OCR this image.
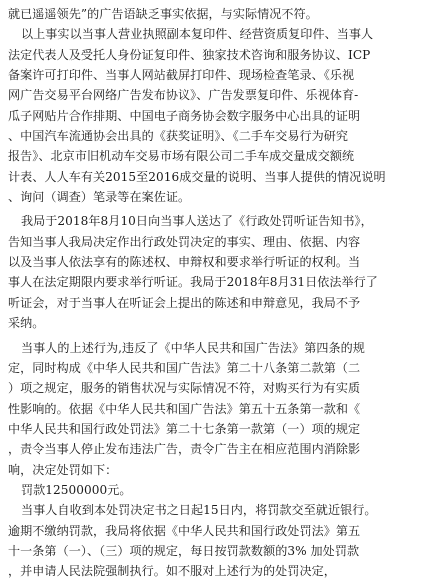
就已遥遥领先”的广告语缺乏事实依据，与实际情况不符。
以上事实以当事人营业执照副本复印件、经营资质复印件、当事人
法定代表人及受托人身份证复印件、独家技术咨询和服务协议、ICP
备案许可打印件、当事人网站截屏打印件、现场检查笔录、《乐视
网广告交易平台网络广告发布协议》、广告发票复印件、乐视体育-
瓜子网贴片合作排期、中国电子商务协会数字服务中心出具的证明
、中国汽车流通协会出具的《获奖证明》、《二手车交易行为研究
报告》、北京市旧机动车交易市场有限公司二手车成交量成交额统
计表、人人车有关2015至2016成交量的说明、当事人提供的情况说明
、询问（调查）笔录等在案佐证。
我局于2018年8月10日向当事人送达了《行政处罚听证告知书》，
告知当事人我局决定作出行政处罚决定的事实、理由、依据、内容
以及当事人依法享有的陈述权、申辩权和要求举行听证的权利。当
事人在法定期限内要求举行听证。我局于2018年8月31日依法举行了
听证会，对于当事人在听证会上提出的陈述和申辩意见，我局不予
采纳。
当事人的上述行为,违反了《中华人民共和国广告法》第四条的规
定，同时构成《中华人民共和国广告法》第二十八条第二款第（二
）项之规定，服务的销售状况与实际情况不符，对购买行为有实质
性影响的。依据《中华人民共和国广告法》第五十五条第一款和《
中华人民共和国行政处罚法》第二十七条第一款第（一）项的规定
，责令当事人停止发布违法广告，责令广告主在相应范围内消除影
响，决定处罚如下：
罚款12500000元。
当事人自收到本处罚决定书之日起15日内，将罚款交至就近银行。
逾期不缴纳罚款，我局将依据《中华人民共和国行政处罚法》第五
十一条第（一）、（三）项的规定，每日按罚款数额的3% 加处罚款
，并申请人民法院强制执行。如不服对上述行为的处罚决定，
